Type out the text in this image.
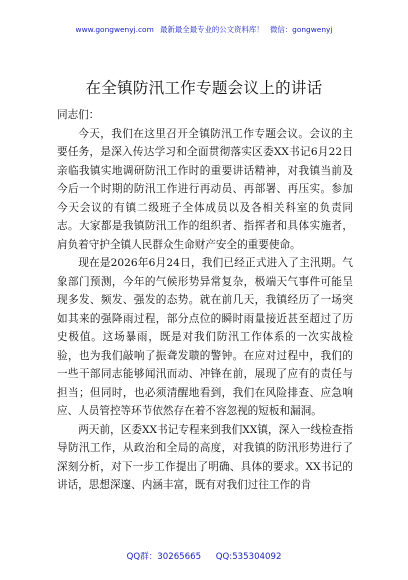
www.gongwenyj.com 最新最全最专业的公文资料库！ 微信：gongwenyj
在全镇防汛工作专题会议上的讲话

同志们：

今天，我们在这里召开全镇防汛工作专题会议。会议的主要任务，是深入传达学习和全面贯彻落实区委XX书记6月22日亲临我镇实地调研防汛工作时的重要讲话精神，对我镇当前及今后一个时期的防汛工作进行再动员、再部署、再压实。参加今天会议的有镇二级班子全体成员以及各相关科室的负责同志。大家都是我镇防汛工作的组织者、指挥者和具体实施者，肩负着守护全镇人民群众生命财产安全的重要使命。

现在是2026年6月24日，我们已经正式进入了主汛期。气象部门预测，今年的气候形势异常复杂，极端天气事件可能呈现多发、频发、强发的态势。就在前几天，我镇经历了一场突如其来的强降雨过程，部分点位的瞬时雨量接近甚至超过了历史极值。这场暴雨，既是对我们防汛工作体系的一次实战检验，也为我们敲响了振聋发聩的警钟。在应对过程中，我们的一些干部同志能够闻汛而动、冲锋在前，展现了应有的责任与担当；但同时，也必须清醒地看到，我们在风险排查、应急响应、人员管控等环节依然存在着不容忽视的短板和漏洞。

两天前，区委XX书记专程来到我们XX镇，深入一线检查指导防汛工作，从政治和全局的高度，对我镇的防汛形势进行了深刻分析，对下一步工作提出了明确、具体的要求。XX书记的讲话，思想深邃、内涵丰富，既有对我们过往工作的肯

QQ群：30265665 QQ:535304092
